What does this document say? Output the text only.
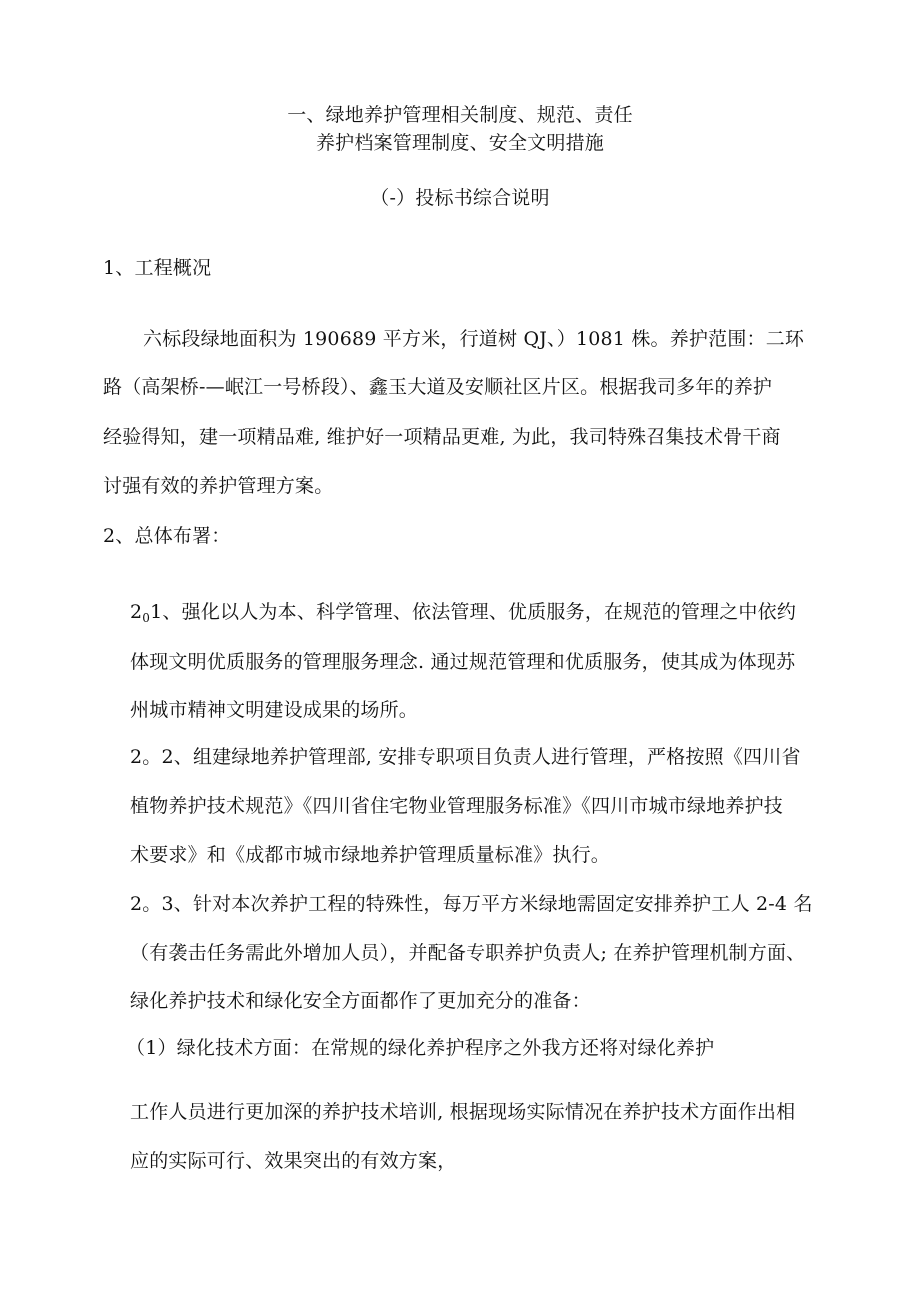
一、绿地养护管理相关制度、规范、责任
养护档案管理制度、安全文明措施
（-）投标书综合说明
1、工程概况
六标段绿地面积为 190689 平方米，行道树 QJ、）1081 株。养护范围：二环
路（高架桥-—岷江一号桥段）、鑫玉大道及安顺社区片区。根据我司多年的养护
经验得知，建一项精品难, 维护好一项精品更难, 为此，我司特殊召集技术骨干商
讨强有效的养护管理方案。
2、总体布署：
$2_01$、强化以人为本、科学管理、依法管理、优质服务，在规范的管理之中依约
体现文明优质服务的管理服务理念. 通过规范管理和优质服务，使其成为体现苏
州城市精神文明建设成果的场所。
2。2、组建绿地养护管理部, 安排专职项目负责人进行管理，严格按照《四川省
植物养护技术规范》《四川省住宅物业管理服务标准》《四川市城市绿地养护技
术要求》和《成都市城市绿地养护管理质量标准》执行。
2。3、针对本次养护工程的特殊性，每万平方米绿地需固定安排养护工人 2-4 名
（有袭击任务需此外增加人员），并配备专职养护负责人; 在养护管理机制方面、
绿化养护技术和绿化安全方面都作了更加充分的准备：
（1）绿化技术方面：在常规的绿化养护程序之外我方还将对绿化养护
工作人员进行更加深的养护技术培训, 根据现场实际情况在养护技术方面作出相
应的实际可行、效果突出的有效方案，
